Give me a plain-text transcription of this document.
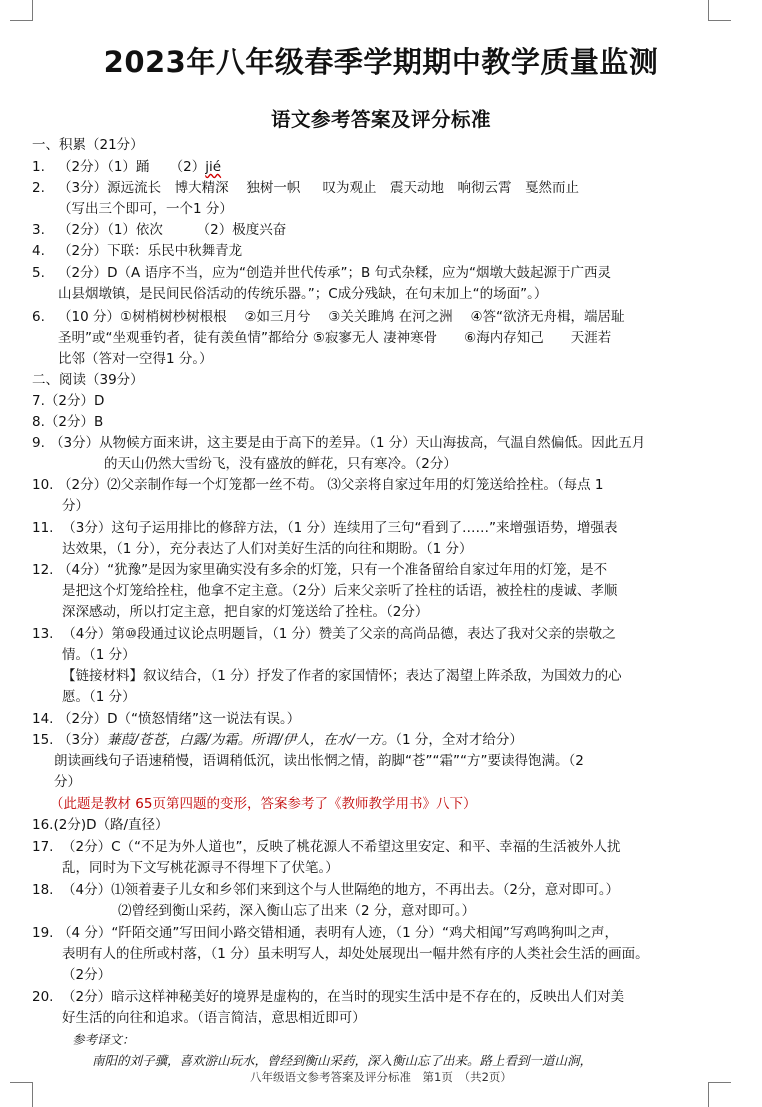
2023年八年级春季学期期中教学质量监测
语文参考答案及评分标准
一、积累（21分）
1. （2分）（1）踊　　（2）jié
2. （3分）源远流长　博大精深　 独树一帜 　 叹为观止　震天动地　响彻云霄　戛然而止
（写出三个即可，一个1 分）
3. （2分）（1）依次　　　（2）极度兴奋
4. （2分）下联：乐民中秋舞青龙
5. （2分）D（A 语序不当，应为“创造并世代传承”；B 句式杂糅，应为“烟墩大鼓起源于广西灵
山县烟墩镇，是民间民俗活动的传统乐器。”；C成分残缺，在句末加上“的场面”。）
6. （10 分）①树梢树杪树根根　 ②如三月兮　 ③关关雎鸠 在河之洲　 ④答“欲济无舟楫，端居耻
圣明”或“坐观垂钓者，徒有羡鱼情”都给分 ⑤寂寥无人 凄神寒骨　　⑥海内存知己　　天涯若
比邻（答对一空得1 分。）
二、阅读（39分）
7.（2分）D
8.（2分）B
9. （3分）从物候方面来讲，这主要是由于高下的差异。（1 分）天山海拔高，气温自然偏低。因此五月
的天山仍然大雪纷飞，没有盛放的鲜花，只有寒冷。（2分）
10. （2分）⑵父亲制作每一个灯笼都一丝不苟。 ⑶父亲将自家过年用的灯笼送给拴柱。（每点 1
分）
11. （3分）这句子运用排比的修辞方法，（1 分）连续用了三句“看到了……”来增强语势，增强表
达效果，（1 分），充分表达了人们对美好生活的向往和期盼。（1 分）
12. （4分）“犹豫”是因为家里确实没有多余的灯笼，只有一个准备留给自家过年用的灯笼，是不
是把这个灯笼给拴柱，他拿不定主意。（2分）后来父亲听了拴柱的话语，被拴柱的虔诚、孝顺
深深感动，所以打定主意，把自家的灯笼送给了拴柱。（2分）
13. （4分）第⑩段通过议论点明题旨，（1 分）赞美了父亲的高尚品德，表达了我对父亲的崇敬之
情。（1 分）
【链接材料】叙议结合，（1 分）抒发了作者的家国情怀；表达了渴望上阵杀敌，为国效力的心
愿。（1 分）
14. （2分）D（“愤怒情绪”这一说法有误。）
15. （3分）蒹葭/苍苍，白露/为霜。所谓/伊人，在水/一方。（1 分，全对才给分）
朗读画线句子语速稍慢，语调稍低沉，读出怅惘之情，韵脚“苍”“霜”“方”要读得饱满。（2
分）
（此题是教材 65页第四题的变形，答案参考了《教师教学用书》八下）
16.(2分)D（路/直径）
17. （2分）C（“不足为外人道也”，反映了桃花源人不希望这里安定、和平、幸福的生活被外人扰
乱，同时为下文写桃花源寻不得埋下了伏笔。）
18. （4分）⑴领着妻子儿女和乡邻们来到这个与人世隔绝的地方，不再出去。（2分，意对即可。）
⑵曾经到衡山采药，深入衡山忘了出来（2 分，意对即可。）
19. （4 分）“阡陌交通”写田间小路交错相通，表明有人迹，（1 分）“鸡犬相闻”写鸡鸣狗叫之声，
表明有人的住所或村落，（1 分）虽未明写人，却处处展现出一幅井然有序的人类社会生活的画面。
（2分）
20. （2分）暗示这样神秘美好的境界是虚构的，在当时的现实生活中是不存在的，反映出人们对美
好生活的向往和追求。（语言简洁，意思相近即可）
参考译文：
南阳的刘子骥，喜欢游山玩水，曾经到衡山采药，深入衡山忘了出来。路上看到一道山涧，
八年级语文参考答案及评分标准　第1页　（共2页）
